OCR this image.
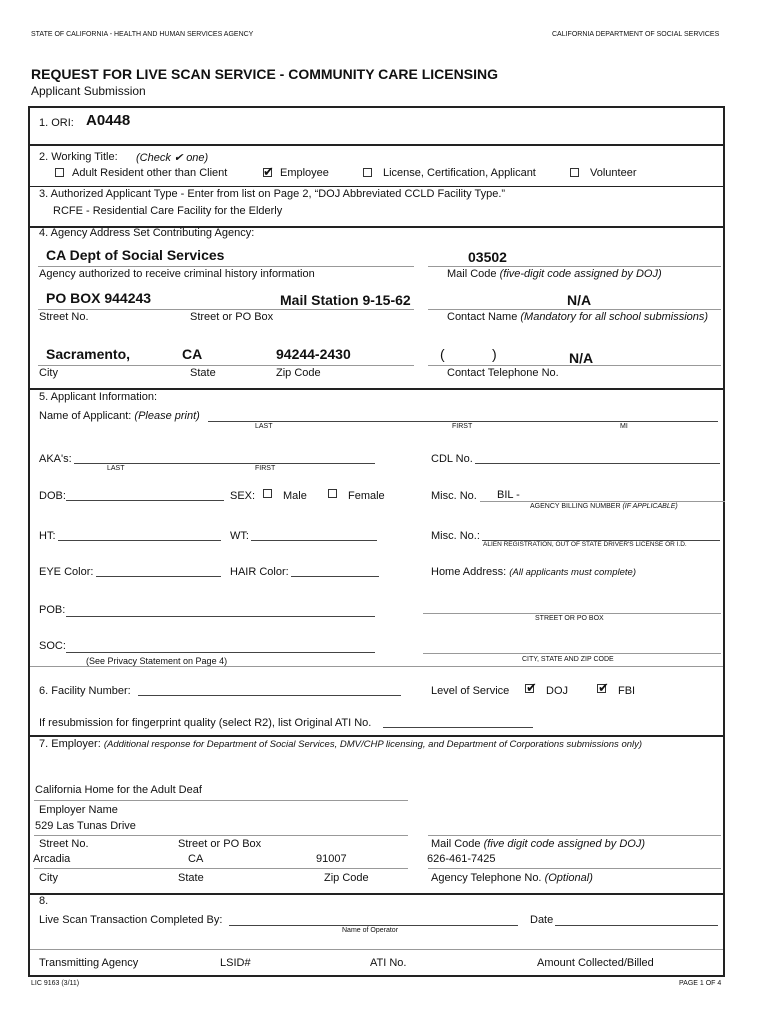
STATE OF CALIFORNIA - HEALTH AND HUMAN SERVICES AGENCY	CALIFORNIA DEPARTMENT OF SOCIAL SERVICES
REQUEST FOR LIVE SCAN SERVICE - COMMUNITY CARE LICENSING
Applicant Submission
1. ORI: A0448
2. Working Title: (Check ✔ one)
Adult Resident other than Client	✔ Employee	License, Certification, Applicant	Volunteer
3. Authorized Applicant Type - Enter from list on Page 2, “DOJ Abbreviated CCLD Facility Type.”
RCFE - Residential Care Facility for the Elderly
4. Agency Address Set Contributing Agency:
CA Dept of Social Services	03502
Agency authorized to receive criminal history information	Mail Code (five-digit code assigned by DOJ)
PO BOX 944243	Mail Station 9-15-62	N/A
Street No.	Street or PO Box	Contact Name (Mandatory for all school submissions)
Sacramento,	CA	94244-2430	(	)	N/A
City	State	Zip Code	Contact Telephone No.
5. Applicant Information:
Name of Applicant: (Please print)
LAST	FIRST	MI
AKA's:
LAST	FIRST
CDL No.
DOB:	SEX:	Male	Female	Misc. No. BIL -
AGENCY BILLING NUMBER (IF APPLICABLE)
HT:	WT:	Misc. No.:
ALIEN REGISTRATION, OUT OF STATE DRIVER'S LICENSE OR I.D.
EYE Color:	HAIR Color:	Home Address: (All applicants must complete)
POB:
STREET OR PO BOX
SOC:
(See Privacy Statement on Page 4)	CITY, STATE AND ZIP CODE
6. Facility Number:	Level of Service ✔ DOJ ✔ FBI
If resubmission for fingerprint quality (select R2), list Original ATI No.
7. Employer: (Additional response for Department of Social Services, DMV/CHP licensing, and Department of Corporations submissions only)
California Home for the Adult Deaf
Employer Name
529 Las Tunas Drive
Street No.	Street or PO Box	Mail Code (five digit code assigned by DOJ)
Arcadia	CA	91007	626-461-7425
City	State	Zip Code	Agency Telephone No. (Optional)
8.
Live Scan Transaction Completed By:
Name of Operator
Date
Transmitting Agency	LSID#	ATI No.	Amount Collected/Billed
LIC 9163 (3/11)	PAGE 1 OF 4
